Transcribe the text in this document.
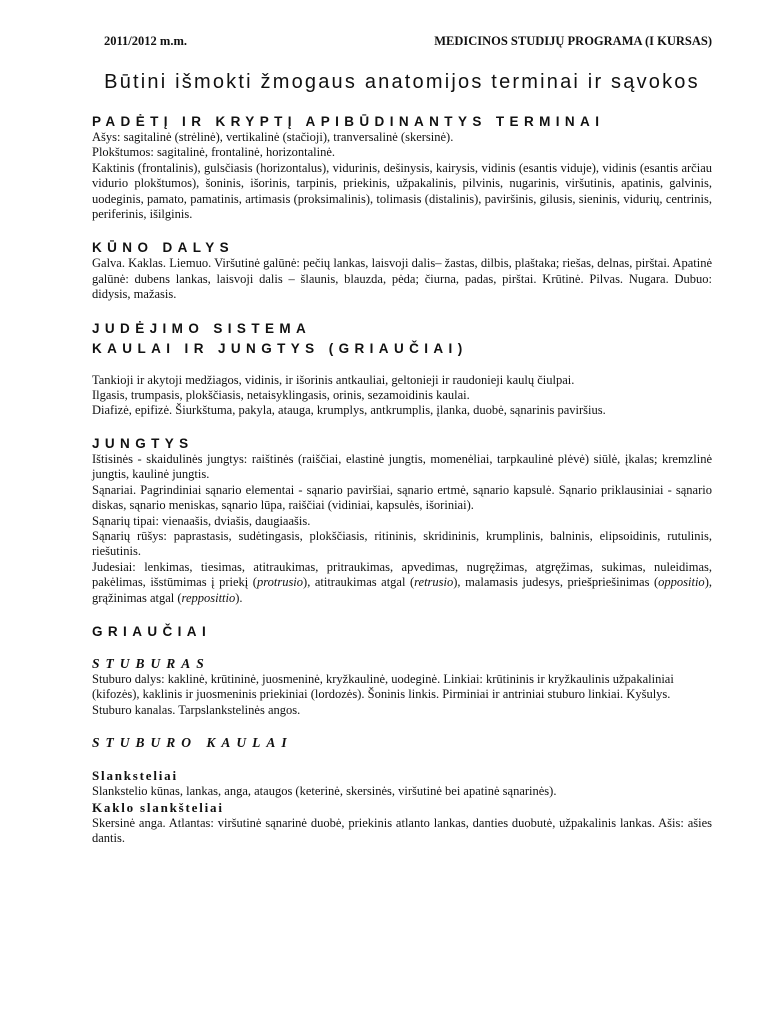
2011/2012 m.m.	MEDICINOS STUDIJŲ PROGRAMA (I KURSAS)
Būtini išmokti žmogaus anatomijos terminai ir sąvokos
PADĖTĮ IR KRYPTĮ APIBŪDINANTYS TERMINAI

Ašys: sagitalinė (strėlinė), vertikalinė (stačioji), tranversalinė (skersinė).

Plokštumos: sagitalinė, frontalinė, horizontalinė.

Kaktinis (frontalinis), gulsčiasis (horizontalus), vidurinis, dešinysis, kairysis, vidinis (esantis viduje), vidinis (esantis arčiau vidurio plokštumos), šoninis, išorinis, tarpinis, priekinis, užpakalinis, pilvinis, nugarinis, viršutinis, apatinis, galvinis, uodeginis, pamato, pamatinis, artimasis (proksimalinis), tolimasis (distalinis), paviršinis, gilusis, sieninis, vidurių, centrinis, periferinis, išilginis.

KŪNO DALYS

Galva. Kaklas. Liemuo. Viršutinė galūnė: pečių lankas, laisvoji dalis– žastas, dilbis, plaštaka; riešas, delnas, pirštai. Apatinė galūnė: dubens lankas, laisvoji dalis – šlaunis, blauzda, pėda; čiurna, padas, pirštai. Krūtinė. Pilvas. Nugara. Dubuo: didysis, mažasis.

JUDĖJIMO SISTEMA
KAULAI IR JUNGTYS (GRIAUČIAI)

Tankioji ir akytoji medžiagos, vidinis, ir išorinis antkauliai, geltonieji ir raudonieji kaulų čiulpai.

Ilgasis, trumpasis, plokščiasis, netaisyklingasis, orinis, sezamoidinis kaulai.

Diafizė, epifizė. Šiurkštuma, pakyla, atauga, krumplys, antkrumplis, įlanka, duobė, sąnarinis paviršius.

JUNGTYS

Ištisinės - skaidulinės jungtys: raištinės (raiščiai, elastinė jungtis, momenėliai, tarpkaulinė plėvė) siūlė, įkalas; kremzlinė jungtis, kaulinė jungtis.

Sąnariai. Pagrindiniai sąnario elementai - sąnario paviršiai, sąnario ertmė, sąnario kapsulė. Sąnario priklausiniai - sąnario diskas, sąnario meniskas, sąnario lūpa, raiščiai (vidiniai, kapsulės, išoriniai).

Sąnarių tipai: vienaašis, dviašis, daugiaašis.

Sąnarių rūšys: paprastasis, sudėtingasis, plokščiasis, ritininis, skridininis, krumplinis, balninis, elipsoidinis, rutulinis, riešutinis.

Judesiai: lenkimas, tiesimas, atitraukimas, pritraukimas, apvedimas, nugręžimas, atgręžimas, sukimas, nuleidimas, pakėlimas, išstūmimas į priekį (protrusio), atitraukimas atgal (retrusio), malamasis judesys, priešpriešinimas (oppositio), grąžinimas atgal (repposittio).

GRIAUČIAI
STUBURAS

Stuburo dalys: kaklinė, krūtininė, juosmeninė, kryžkaulinė, uodeginė. Linkiai: krūtininis ir kryžkaulinis užpakaliniai (kifozės), kaklinis ir juosmeninis priekiniai (lordozės). Šoninis linkis. Pirminiai ir antriniai stuburo linkiai. Kyšulys. Stuburo kanalas. Tarpslankstelinės angos.

STUBURO KAULAI
Slanksteliai

Slankstelio kūnas, lankas, anga, ataugos (keterinė, skersinės, viršutinė bei apatinė sąnarinės).

Kaklo slankšteliai

Skersinė anga. Atlantas: viršutinė sąnarinė duobė, priekinis atlanto lankas, danties duobutė, užpakalinis lankas. Ašis: ašies dantis.
